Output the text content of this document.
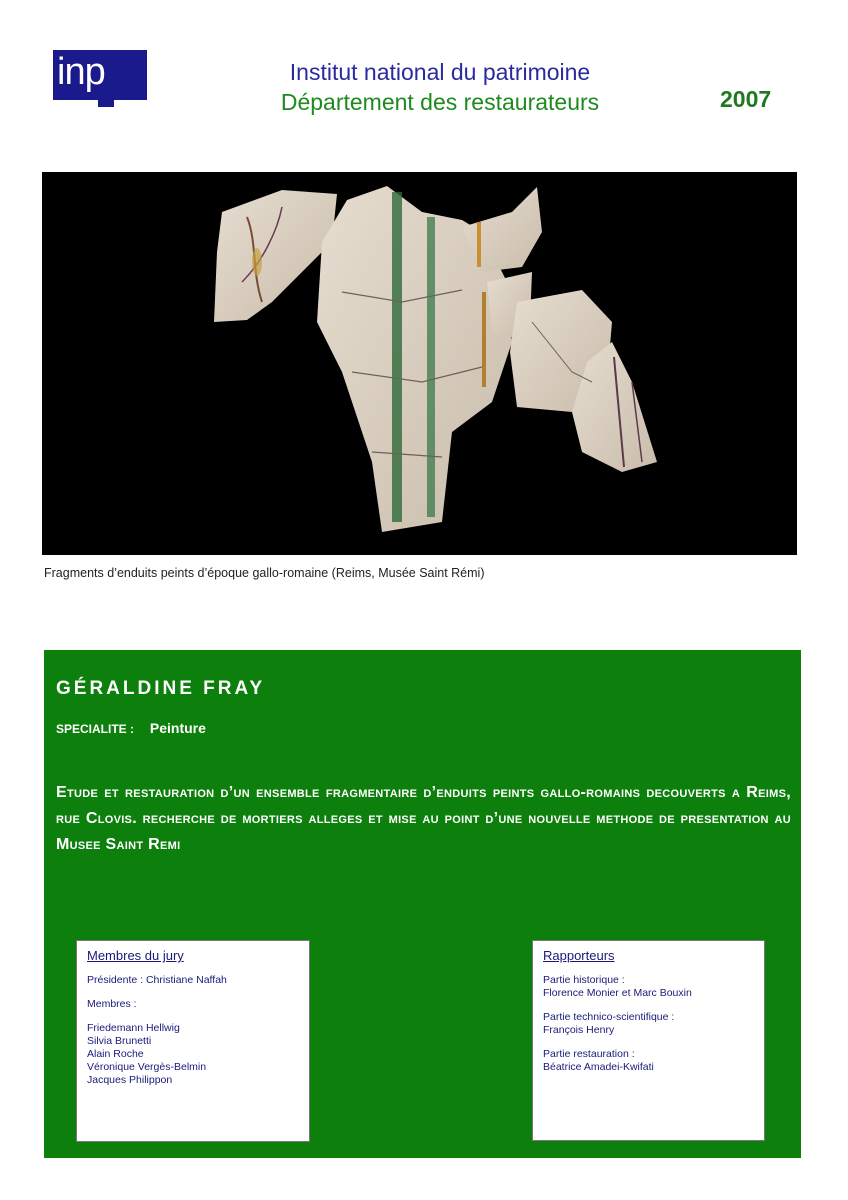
inp	Institut national du patrimoine
Département des restaurateurs	2007
Fragments d’enduits peints d’époque gallo-romaine (Reims, Musée Saint Rémi)
GÉRALDINE FRAY
SPECIALITE : Peinture
Etude et restauration d’un ensemble fragmentaire d’enduits peints gallo-romains decouverts a Reims, rue Clovis. recherche de mortiers alleges et mise au point d’une nouvelle methode de presentation au Musee Saint Remi
Membres du jury

Présidente : Christiane Naffah

Membres :

Friedemann Hellwig
Silvia Brunetti
Alain Roche
Véronique Vergès-Belmin
Jacques Philippon
Rapporteurs

Partie historique :
Florence Monier et Marc Bouxin

Partie technico-scientifique :
François Henry

Partie restauration :
Béatrice Amadei-Kwifati
